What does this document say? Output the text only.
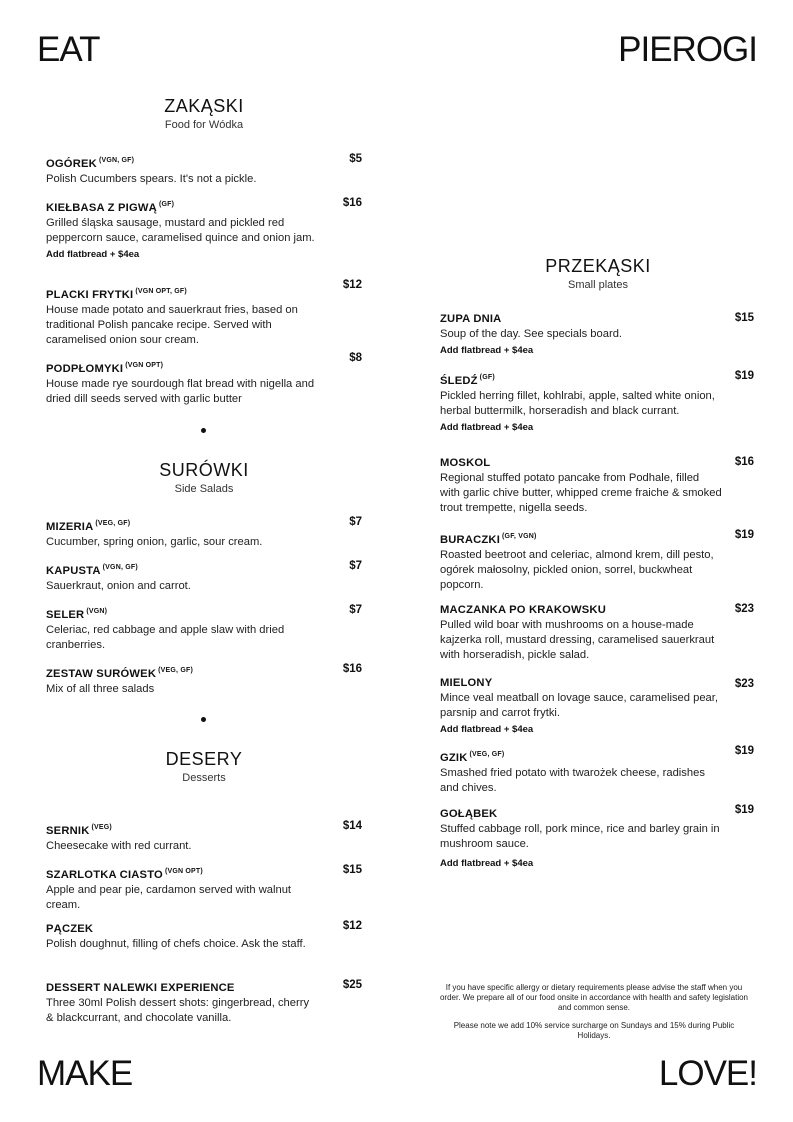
EAT	PIEROGI
MAKE	LOVE!
ZAKĄSKI
Food for Wódka
OGÓREK $^{(VGN, GF)}$
Polish Cucumbers spears. It's not a pickle.
$5
KIEŁBASA Z PIGWĄ $^{(GF)}$
Grilled śląska sausage, mustard and pickled red peppercorn sauce, caramelised quince and onion jam.
Add flatbread + $4ea
$16
PLACKI FRYTKI $^{(VGN OPT, GF)}$
House made potato and sauerkraut fries, based on traditional Polish pancake recipe. Served with caramelised onion sour cream.
$12
PODPŁOMYKI $^{(VGN OPT)}$
House made rye sourdough flat bread with nigella and dried dill seeds served with garlic butter
$8
SURÓWKI
Side Salads
MIZERIA $^{(VEG, GF)}$
Cucumber, spring onion, garlic, sour cream.
$7
KAPUSTA $^{(VGN, GF)}$
Sauerkraut, onion and carrot.
$7
SELER $^{(VGN)}$
Celeriac, red cabbage and apple slaw with dried cranberries.
$7
ZESTAW SURÓWEK $^{(VEG, GF)}$
Mix of all three salads
$16
DESERY
Desserts
SERNIK $^{(VEG)}$
Cheesecake with red currant.
$14
SZARLOTKA CIASTO $^{(VGN OPT)}$
Apple and pear pie, cardamon served with walnut cream.
$15
PĄCZEK
Polish doughnut, filling of chefs choice. Ask the staff.
$12
DESSERT NALEWKI EXPERIENCE
Three 30ml Polish dessert shots: gingerbread, cherry & blackcurrant, and chocolate vanilla.
$25
PRZEKĄSKI
Small plates
ZUPA DNIA
Soup of the day. See specials board.
Add flatbread + $4ea
$15
ŚLEDŹ $^{(GF)}$
Pickled herring fillet, kohlrabi, apple, salted white onion, herbal buttermilk, horseradish and black currant.
Add flatbread + $4ea
$19
MOSKOL
Regional stuffed potato pancake from Podhale, filled with garlic chive butter, whipped creme fraiche & smoked trout trempette, nigella seeds.
$16
BURACZKI $^{(GF, VGN)}$
Roasted beetroot and celeriac, almond krem, dill pesto, ogórek małosolny, pickled onion, sorrel, buckwheat popcorn.
$19
MACZANKA PO KRAKOWSKU
Pulled wild boar with mushrooms on a house-made kajzerka roll, mustard dressing, caramelised sauerkraut with horseradish, pickle salad.
$23
MIELONY
Mince veal meatball on lovage sauce, caramelised pear, parsnip and carrot frytki.
Add flatbread + $4ea
$23
GZIK $^{(VEG, GF)}$
Smashed fried potato with twarożek cheese, radishes and chives.
$19
GOŁĄBEK
Stuffed cabbage roll, pork mince, rice and barley grain in mushroom sauce.
Add flatbread + $4ea
$19
If you have specific allergy or dietary requirements please advise the staff when you order. We prepare all of our food onsite in accordance with health and safety legislation and common sense.
Please note we add 10% service surcharge on Sundays and 15% during Public Holidays.
